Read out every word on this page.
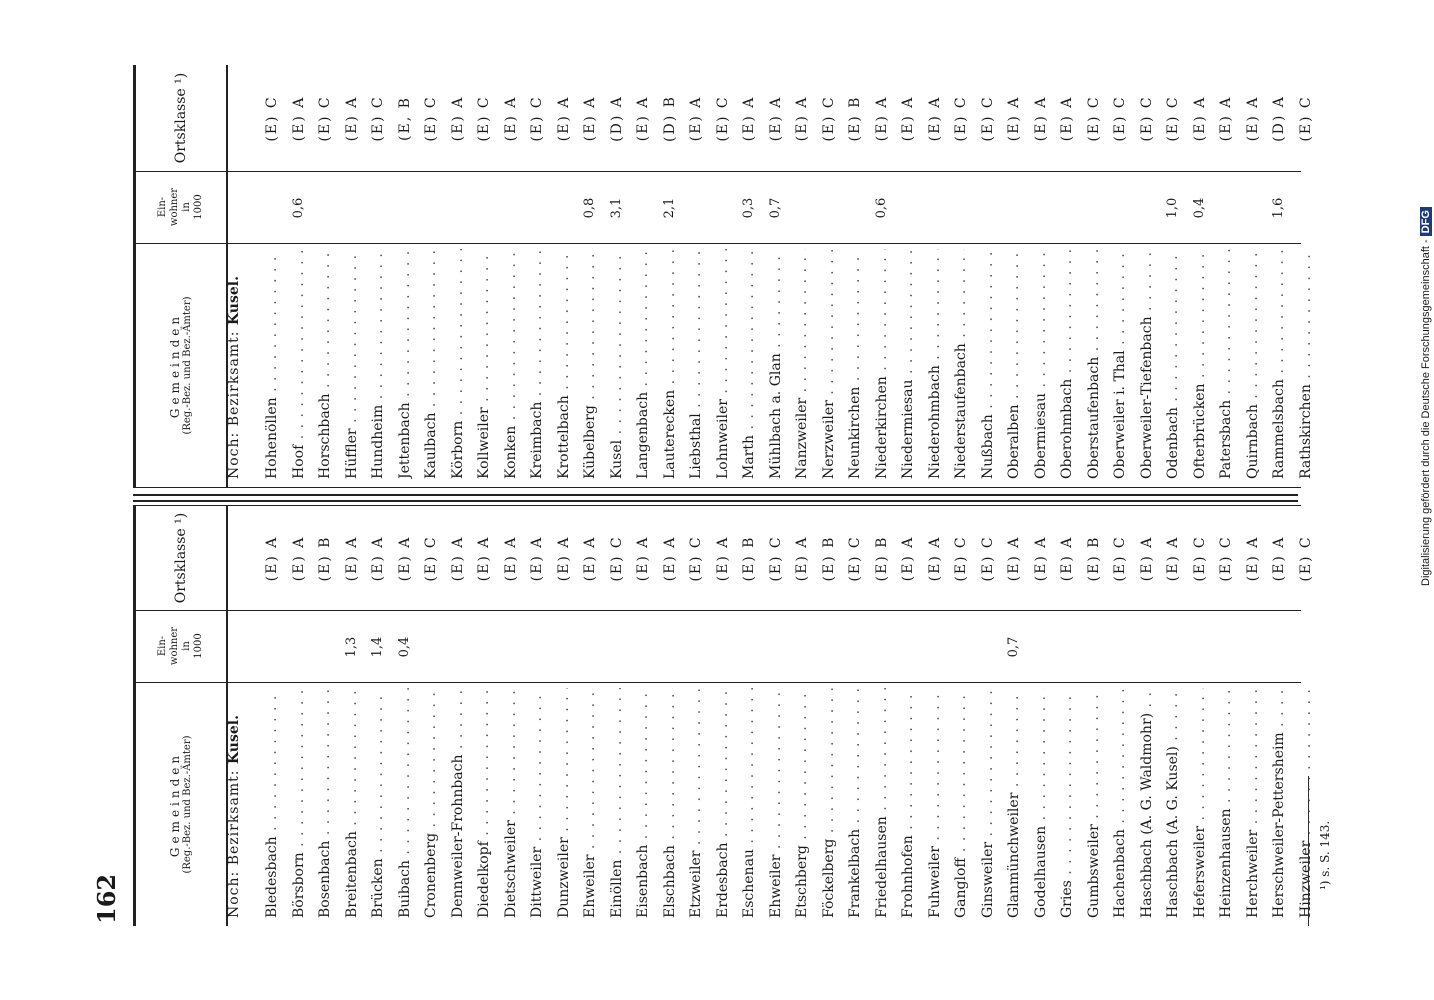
162
Gemeinden (Reg.-Bez. und Bez.-Ämter)
Ein- wohner in 1000
Ortsklasse ¹)
Noch: Bezirksamt: Kusel.
Bledesbach . . .
(E) A
Börsborn . . .
(E) A
Bosenbach . . .
(E) B
Breitenbach . . .
1,3
(E) A
Brücken . . .
1,4
(E) A
Buibach . . .
0,4
(E) A
Cronenberg . . .
(E) C
Dennweiler-Frohnbach . . .
(E) A
Diedelkopf . . .
(E) A
Dietschweiler . . .
(E) A
Dittweiler . . .
(E) A
Dunzweiler . . .
(E) A
Ehweiler . . .
(E) A
Einöllen . . .
(E) C
Eisenbach . . .
(E) A
Elschbach . . .
(E) A
Etzweiler . . .
(E) C
Erdesbach . . .
(E) A
Eschenau . . .
(E) B
Ehweiler . . .
(E) C
Etschberg . . .
(E) A
Föckelberg . . .
(E) B
Frankelbach . . .
(E) C
Friedelhausen . . .
(E) B
Frohnhofen . . .
(E) A
Fuhweiler . . .
(E) A
Gangloff . . .
(E) C
Ginsweiler . . .
(E) C
Glanmünchweiler . . .
0,7
(E) A
Godelhausen . . .
(E) A
Gries . . .
(E) A
Gumbsweiler . . .
(E) B
Hachenbach . . .
(E) C
Haschbach (A. G. Waldmohr) . . .
(E) A
Haschbach (A. G. Kusel) . . .
(E) A
Hefersweiler . . .
(E) C
Heinzenhausen . . .
(E) C
Herchweiler . . .
(E) A
Herschweiler-Pettersheim . . .
(E) A
Hinzweiler . . .
(E) C
Gemeinden (Reg.-Bez. und Bez.-Ämter)
Ein- wohner in 1000
Ortsklasse ¹)
Noch: Bezirksamt: Kusel.
Hohenöllen . . .
(E) C
Hoof . . .
0,6
(E) A
Horschbach . . .
(E) C
Hüffler . . .
(E) A
Hundheim . . .
(E) C
Jettenbach . . .
(E, B
Kaulbach . . .
(E) C
Körborn . . .
(E) A
Kollweiler . . .
(E) C
Konken . . .
(E) A
Kreimbach . . .
(E) C
Krottelbach . . .
(E) A
Kübelberg . . .
0,8
(E) A
Kusel . . .
3,1
(D) A
Langenbach . . .
(E) A
Lauterecken . . .
2,1
(D) B
Liebsthal . . .
(E) A
Lohnweiler . . .
(E) C
Marth . . .
0,3
(E) A
Mühlbach a. Glan . . .
0,7
(E) A
Nanzweiler . . .
(E) A
Nerzweiler . . .
(E) C
Neunkirchen . . .
(E) B
Niederkirchen . . .
0,6
(E) A
Niedermiesau . . .
(E) A
Niederohmbach . . .
(E) A
Niederstaufenbach . . .
(E) C
Nußbach . . .
(E) C
Oberalben . . .
(E) A
Obermiesau . . .
(E) A
Oberohmbach . . .
(E) A
Oberstaufenbach . . .
(E) C
Oberweiler i. Thal . . .
(E) C
Oberweiler-Tiefenbach . . .
(E) C
Odenbach . . .
1,0
(E) C
Ofterbrücken . . .
0,4
(E) A
Patersbach . . .
(E) A
Quirnbach . . .
(E) A
Rammelsbach . . .
1,6
(D) A
Rathskirchen . . .
(E) C
¹) s. S. 143.
Digitalisierung gefördert durch die Deutsche Forschungsgemeinschaft -DFG
